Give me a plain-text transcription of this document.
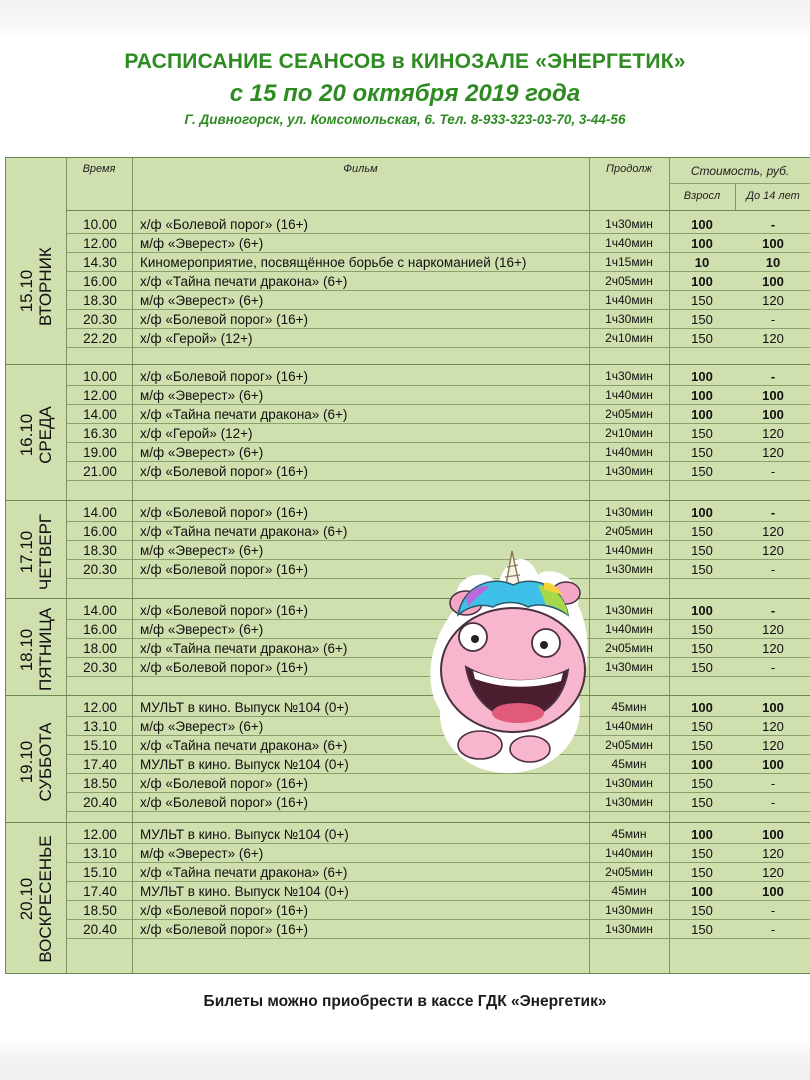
РАСПИСАНИЕ СЕАНСОВ в КИНОЗАЛЕ «ЭНЕРГЕТИК»
с 15 по 20 октября 2019 года
Г. Дивногорск, ул. Комсомольская, 6. Тел. 8-933-323-03-70, 3-44-56
Время	Фильм	Продолж	Стоимость, руб.
Взросл	До 14 лет
15.10 ВТОРНИК
10.00	х/ф «Болевой порог» (16+)	1ч30мин	100	-
12.00	м/ф «Эверест» (6+)	1ч40мин	100	100
14.30	Киномероприятие, посвящённое борьбе с наркоманией (16+)	1ч15мин	10	10
16.00	х/ф «Тайна печати дракона» (6+)	2ч05мин	100	100
18.30	м/ф «Эверест» (6+)	1ч40мин	150	120
20.30	х/ф «Болевой порог» (16+)	1ч30мин	150	-
22.20	х/ф «Герой» (12+)	2ч10мин	150	120
16.10 СРЕДА
10.00	х/ф «Болевой порог» (16+)	1ч30мин	100	-
12.00	м/ф «Эверест» (6+)	1ч40мин	100	100
14.00	х/ф «Тайна печати дракона» (6+)	2ч05мин	100	100
16.30	х/ф «Герой» (12+)	2ч10мин	150	120
19.00	м/ф «Эверест» (6+)	1ч40мин	150	120
21.00	х/ф «Болевой порог» (16+)	1ч30мин	150	-
17.10 ЧЕТВЕРГ
14.00	х/ф «Болевой порог» (16+)	1ч30мин	100	-
16.00	х/ф «Тайна печати дракона» (6+)	2ч05мин	150	120
18.30	м/ф «Эверест» (6+)	1ч40мин	150	120
20.30	х/ф «Болевой порог» (16+)	1ч30мин	150	-
18.10 ПЯТНИЦА	14.00	х/ф «Болевой порог» (16+)	1ч30мин	100	-
16.00	м/ф «Эверест» (6+)	1ч40мин	150	120
18.00	х/ф «Тайна печати дракона» (6+)	2ч05мин	150	120
20.30	х/ф «Болевой порог» (16+)	1ч30мин	150	-
19.10 СУББОТА
12.00	МУЛЬТ в кино. Выпуск №104 (0+)	45мин	100	100
13.10	м/ф «Эверест» (6+)	1ч40мин	150	120
15.10	х/ф «Тайна печати дракона» (6+)	2ч05мин	150	120
17.40	МУЛЬТ в кино. Выпуск №104 (0+)	45мин	100	100
18.50	х/ф «Болевой порог» (16+)	1ч30мин	150	-
20.40	х/ф «Болевой порог» (16+)	1ч30мин	150	-
20.10 ВОСКРЕСЕНЬЕ
12.00	МУЛЬТ в кино. Выпуск №104 (0+)	45мин	100	100
13.10	м/ф «Эверест» (6+)	1ч40мин	150	120
15.10	х/ф «Тайна печати дракона» (6+)	2ч05мин	150	120
17.40	МУЛЬТ в кино. Выпуск №104 (0+)	45мин	100	100
18.50	х/ф «Болевой порог» (16+)	1ч30мин	150	-
20.40	х/ф «Болевой порог» (16+)	1ч30мин	150	-
Билеты можно приобрести в кассе ГДК «Энергетик»
